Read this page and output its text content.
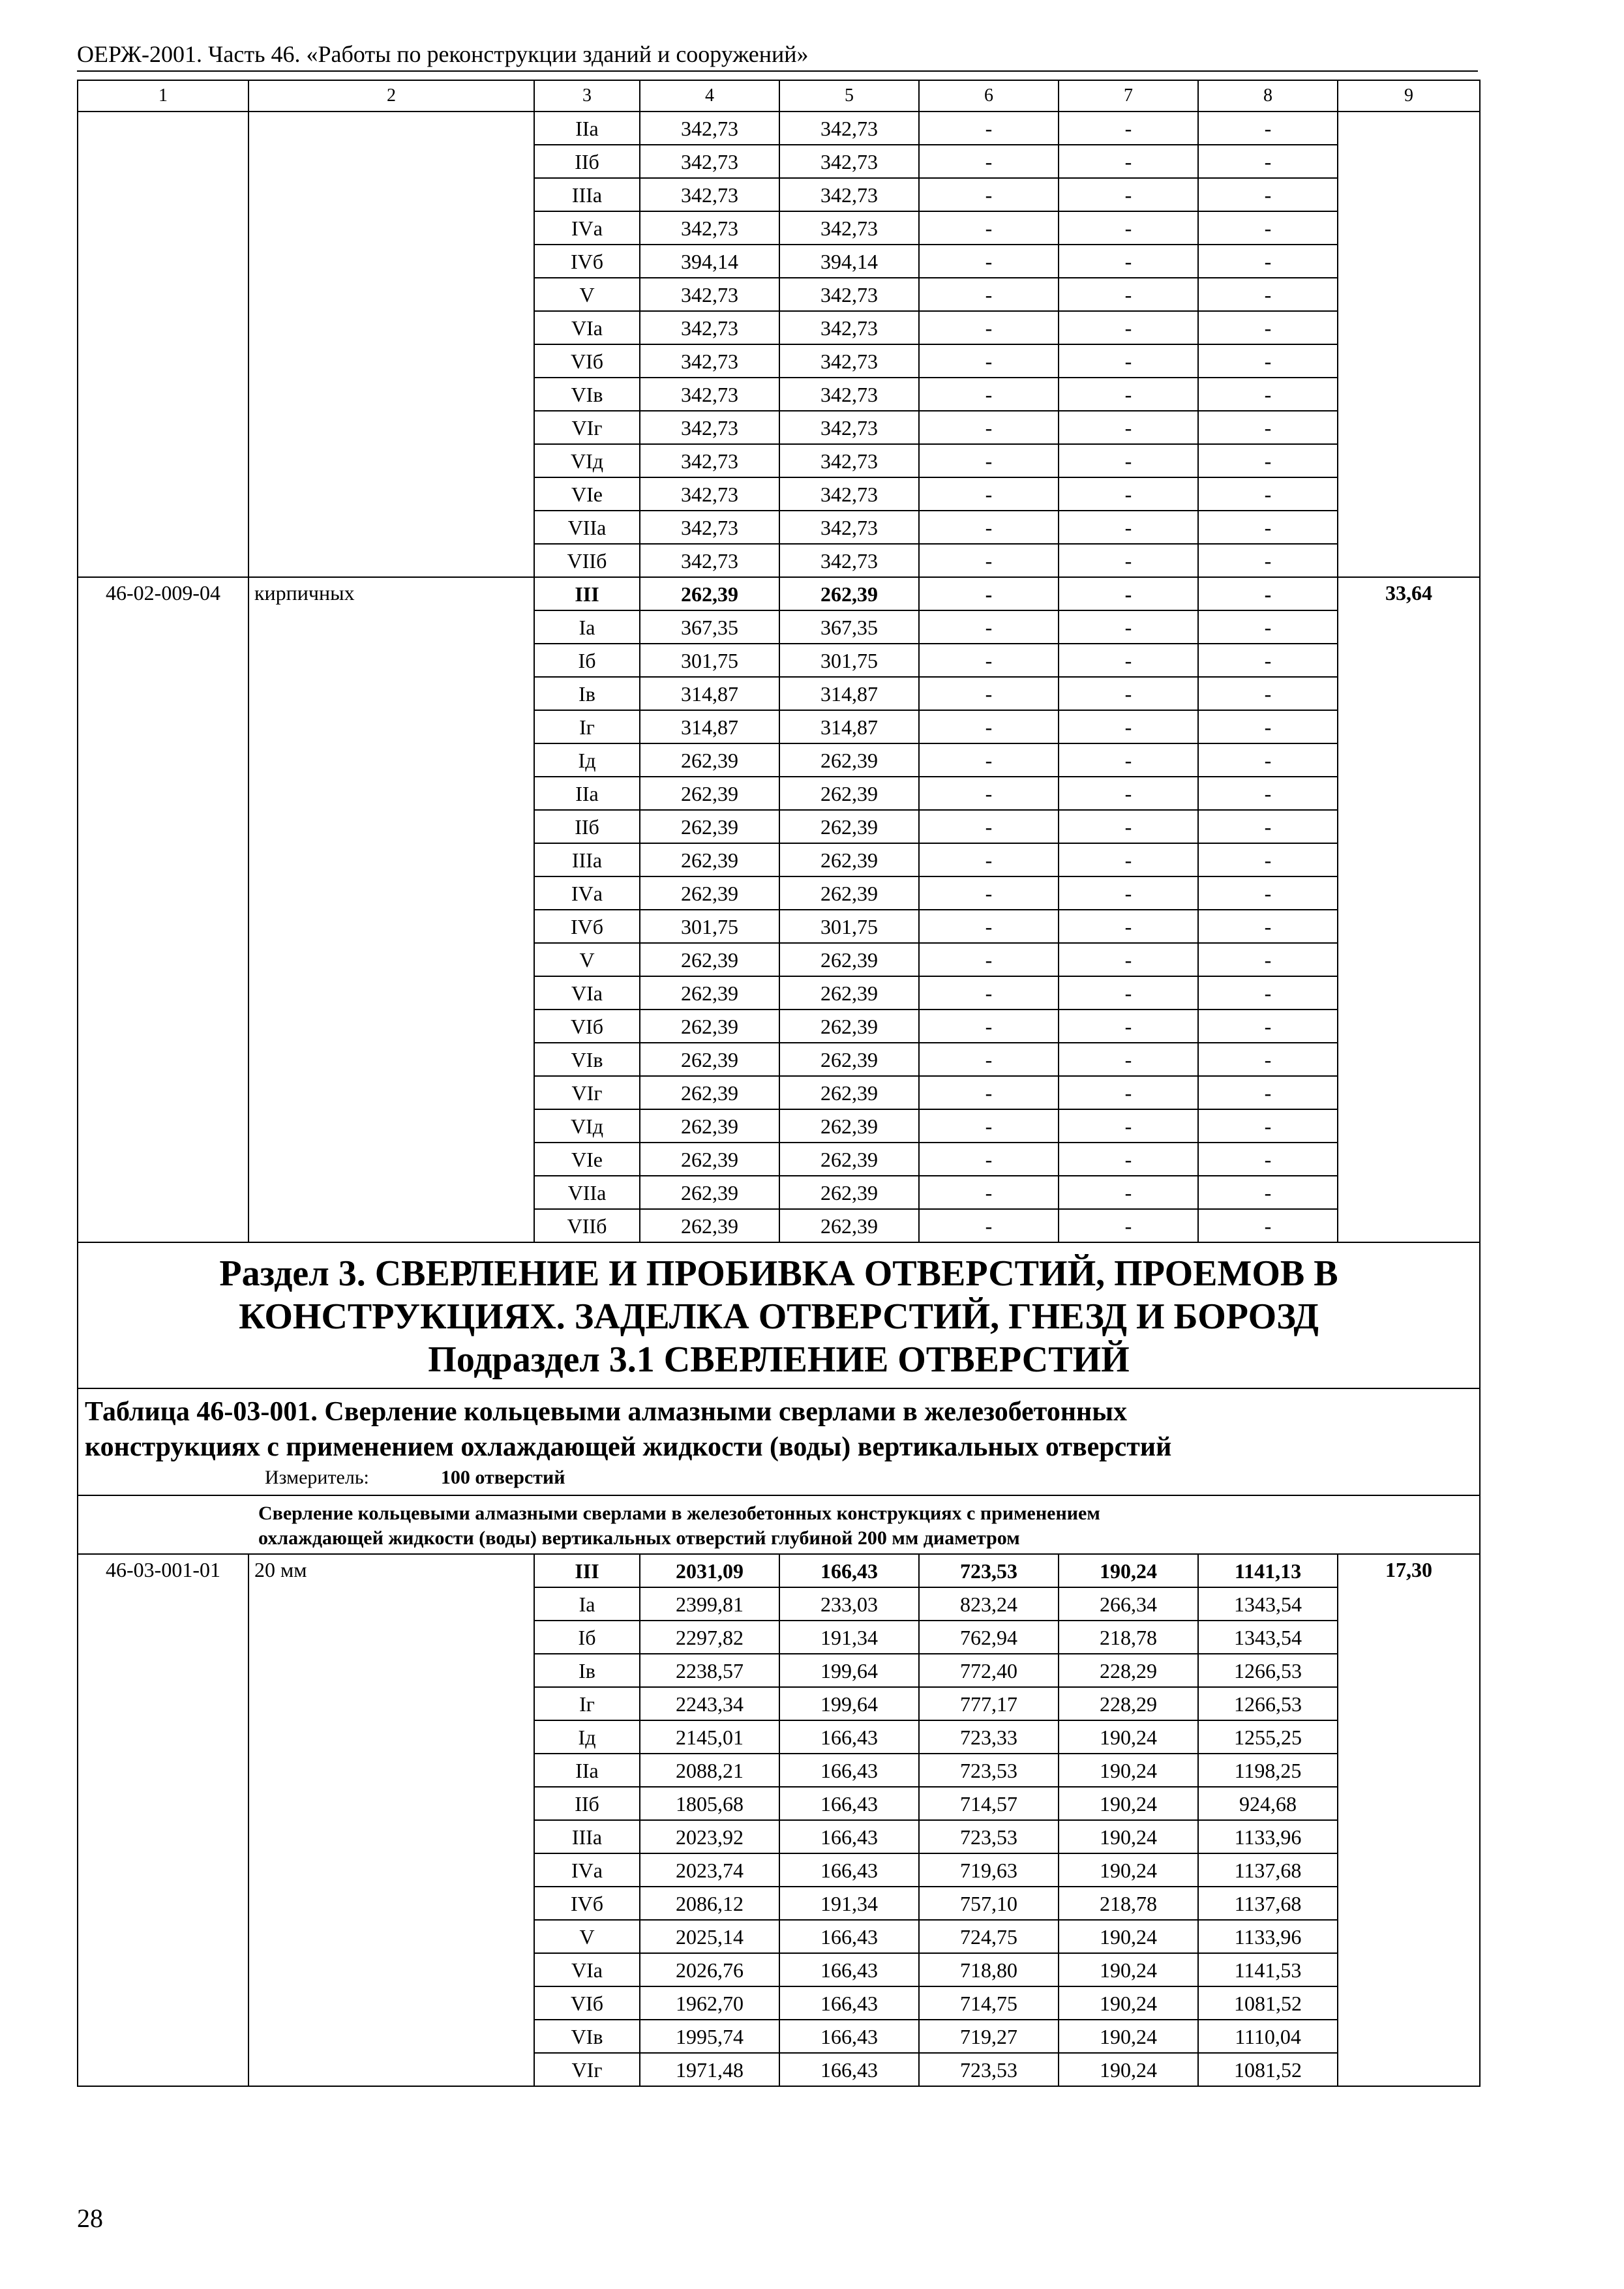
ОЕРЖ-2001. Часть 46. «Работы по реконструкции зданий и сооружений»
1	2	3	4	5	6	7	8	9
		IIа	342,73	342,73	-	-	-	
		IIб	342,73	342,73	-	-	-	
		IIIа	342,73	342,73	-	-	-	
		IVа	342,73	342,73	-	-	-	
		IVб	394,14	394,14	-	-	-	
		V	342,73	342,73	-	-	-	
		VIа	342,73	342,73	-	-	-	
		VIб	342,73	342,73	-	-	-	
		VIв	342,73	342,73	-	-	-	
		VIг	342,73	342,73	-	-	-	
		VIд	342,73	342,73	-	-	-	
		VIе	342,73	342,73	-	-	-	
		VIIа	342,73	342,73	-	-	-	
		VIIб	342,73	342,73	-	-	-	
46-02-009-04	кирпичных	III	262,39	262,39	-	-	-	33,64
		Iа	367,35	367,35	-	-	-	
		Iб	301,75	301,75	-	-	-	
		Iв	314,87	314,87	-	-	-	
		Iг	314,87	314,87	-	-	-	
		Iд	262,39	262,39	-	-	-	
		IIа	262,39	262,39	-	-	-	
		IIб	262,39	262,39	-	-	-	
		IIIа	262,39	262,39	-	-	-	
		IVа	262,39	262,39	-	-	-	
		IVб	301,75	301,75	-	-	-	
		V	262,39	262,39	-	-	-	
		VIа	262,39	262,39	-	-	-	
		VIб	262,39	262,39	-	-	-	
		VIв	262,39	262,39	-	-	-	
		VIг	262,39	262,39	-	-	-	
		VIд	262,39	262,39	-	-	-	
		VIе	262,39	262,39	-	-	-	
		VIIа	262,39	262,39	-	-	-	
		VIIб	262,39	262,39	-	-	-	

Раздел 3. СВЕРЛЕНИЕ И ПРОБИВКА ОТВЕРСТИЙ, ПРОЕМОВ В
КОНСТРУКЦИЯХ. ЗАДЕЛКА ОТВЕРСТИЙ, ГНЕЗД И БОРОЗД
Подраздел 3.1 СВЕРЛЕНИЕ ОТВЕРСТИЙ								

Таблица 46-03-001. Сверление кольцевыми алмазными сверлами в железобетонных
конструкциях с применением охлаждающей жидкости (воды) вертикальных отверстий
Измеритель: 100 отверстий								

Сверление кольцевыми алмазными сверлами в железобетонных конструкциях с применением
охлаждающей жидкости (воды) вертикальных отверстий глубиной 200 мм диаметром								

46-03-001-01	20 мм	III	2031,09	166,43	723,53	190,24	1141,13	17,30
		Iа	2399,81	233,03	823,24	266,34	1343,54	
		Iб	2297,82	191,34	762,94	218,78	1343,54	
		Iв	2238,57	199,64	772,40	228,29	1266,53	
		Iг	2243,34	199,64	777,17	228,29	1266,53	
		Iд	2145,01	166,43	723,33	190,24	1255,25	
		IIа	2088,21	166,43	723,53	190,24	1198,25	
		IIб	1805,68	166,43	714,57	190,24	924,68	
		IIIа	2023,92	166,43	723,53	190,24	1133,96	
		IVа	2023,74	166,43	719,63	190,24	1137,68	
		IVб	2086,12	191,34	757,10	218,78	1137,68	
		V	2025,14	166,43	724,75	190,24	1133,96	
		VIа	2026,76	166,43	718,80	190,24	1141,53	
		VIб	1962,70	166,43	714,75	190,24	1081,52	
		VIв	1995,74	166,43	719,27	190,24	1110,04	
		VIг	1971,48	166,43	723,53	190,24	1081,52	
28
